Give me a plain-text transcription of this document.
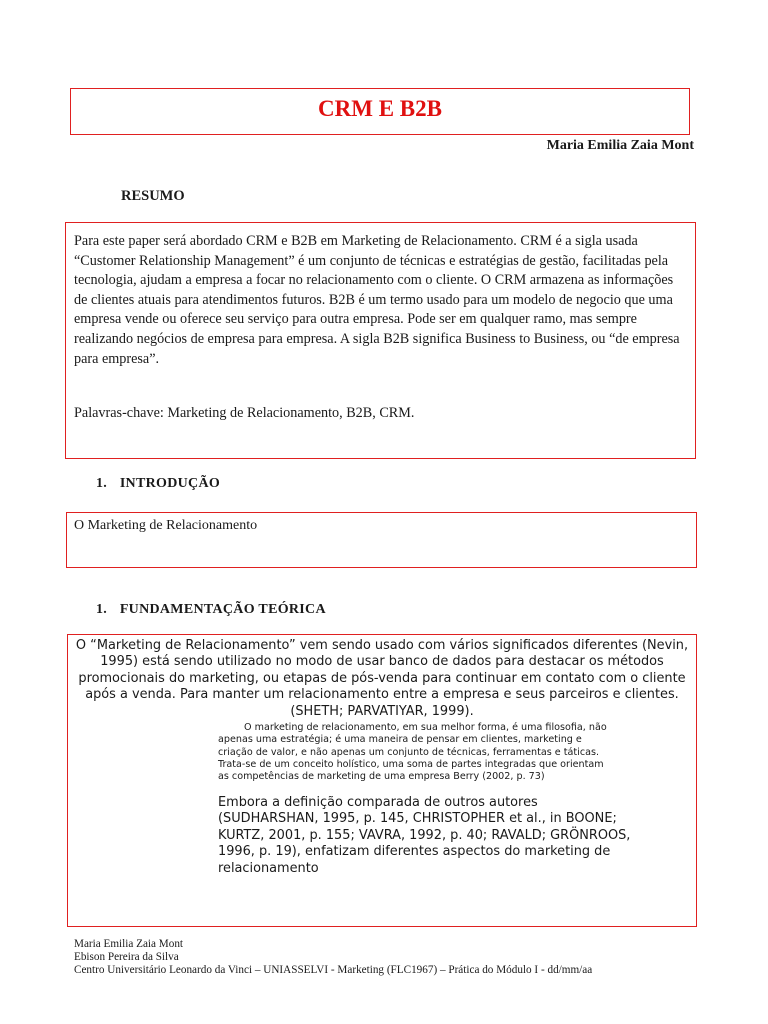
CRM E B2B
Maria Emilia Zaia Mont
RESUMO

Para este paper será abordado CRM e B2B em Marketing de Relacionamento. CRM é a sigla usada “Customer Relationship Management” é um conjunto de técnicas e estratégias de gestão, facilitadas pela tecnologia, ajudam a empresa a focar no relacionamento com o cliente. O CRM armazena as informações de clientes atuais para atendimentos futuros. B2B é um termo usado para um modelo de negocio que uma empresa vende ou oferece seu serviço para outra empresa. Pode ser em qualquer ramo, mas sempre realizando negócios de empresa para empresa. A sigla B2B significa Business to Business, ou “de empresa para empresa”.

Palavras-chave: Marketing de Relacionamento, B2B, CRM.

1. INTRODUÇÃO

O Marketing de Relacionamento

1. FUNDAMENTAÇÃO TEÓRICA

O “Marketing de Relacionamento” vem sendo usado com vários significados diferentes (Nevin, 1995) está sendo utilizado no modo de usar banco de dados para destacar os métodos promocionais do marketing, ou etapas de pós-venda para continuar em contato com o cliente após a venda. Para manter um relacionamento entre a empresa e seus parceiros e clientes. (SHETH; PARVATIYAR, 1999).

O marketing de relacionamento, em sua melhor forma, é uma filosofia, não apenas uma estratégia; é uma maneira de pensar em clientes, marketing e criação de valor, e não apenas um conjunto de técnicas, ferramentas e táticas. Trata-se de um conceito holístico, uma soma de partes integradas que orientam as competências de marketing de uma empresa Berry (2002, p. 73)

Embora a definição comparada de outros autores (SUDHARSHAN, 1995, p. 145, CHRISTOPHER et al., in BOONE; KURTZ, 2001, p. 155; VAVRA, 1992, p. 40; RAVALD; GRÖNROOS, 1996, p. 19), enfatizam diferentes aspectos do marketing de relacionamento

Maria Emilia Zaia Mont
Ebison Pereira da Silva
Centro Universitário Leonardo da Vinci – UNIASSELVI - Marketing (FLC1967) – Prática do Módulo I - dd/mm/aa
